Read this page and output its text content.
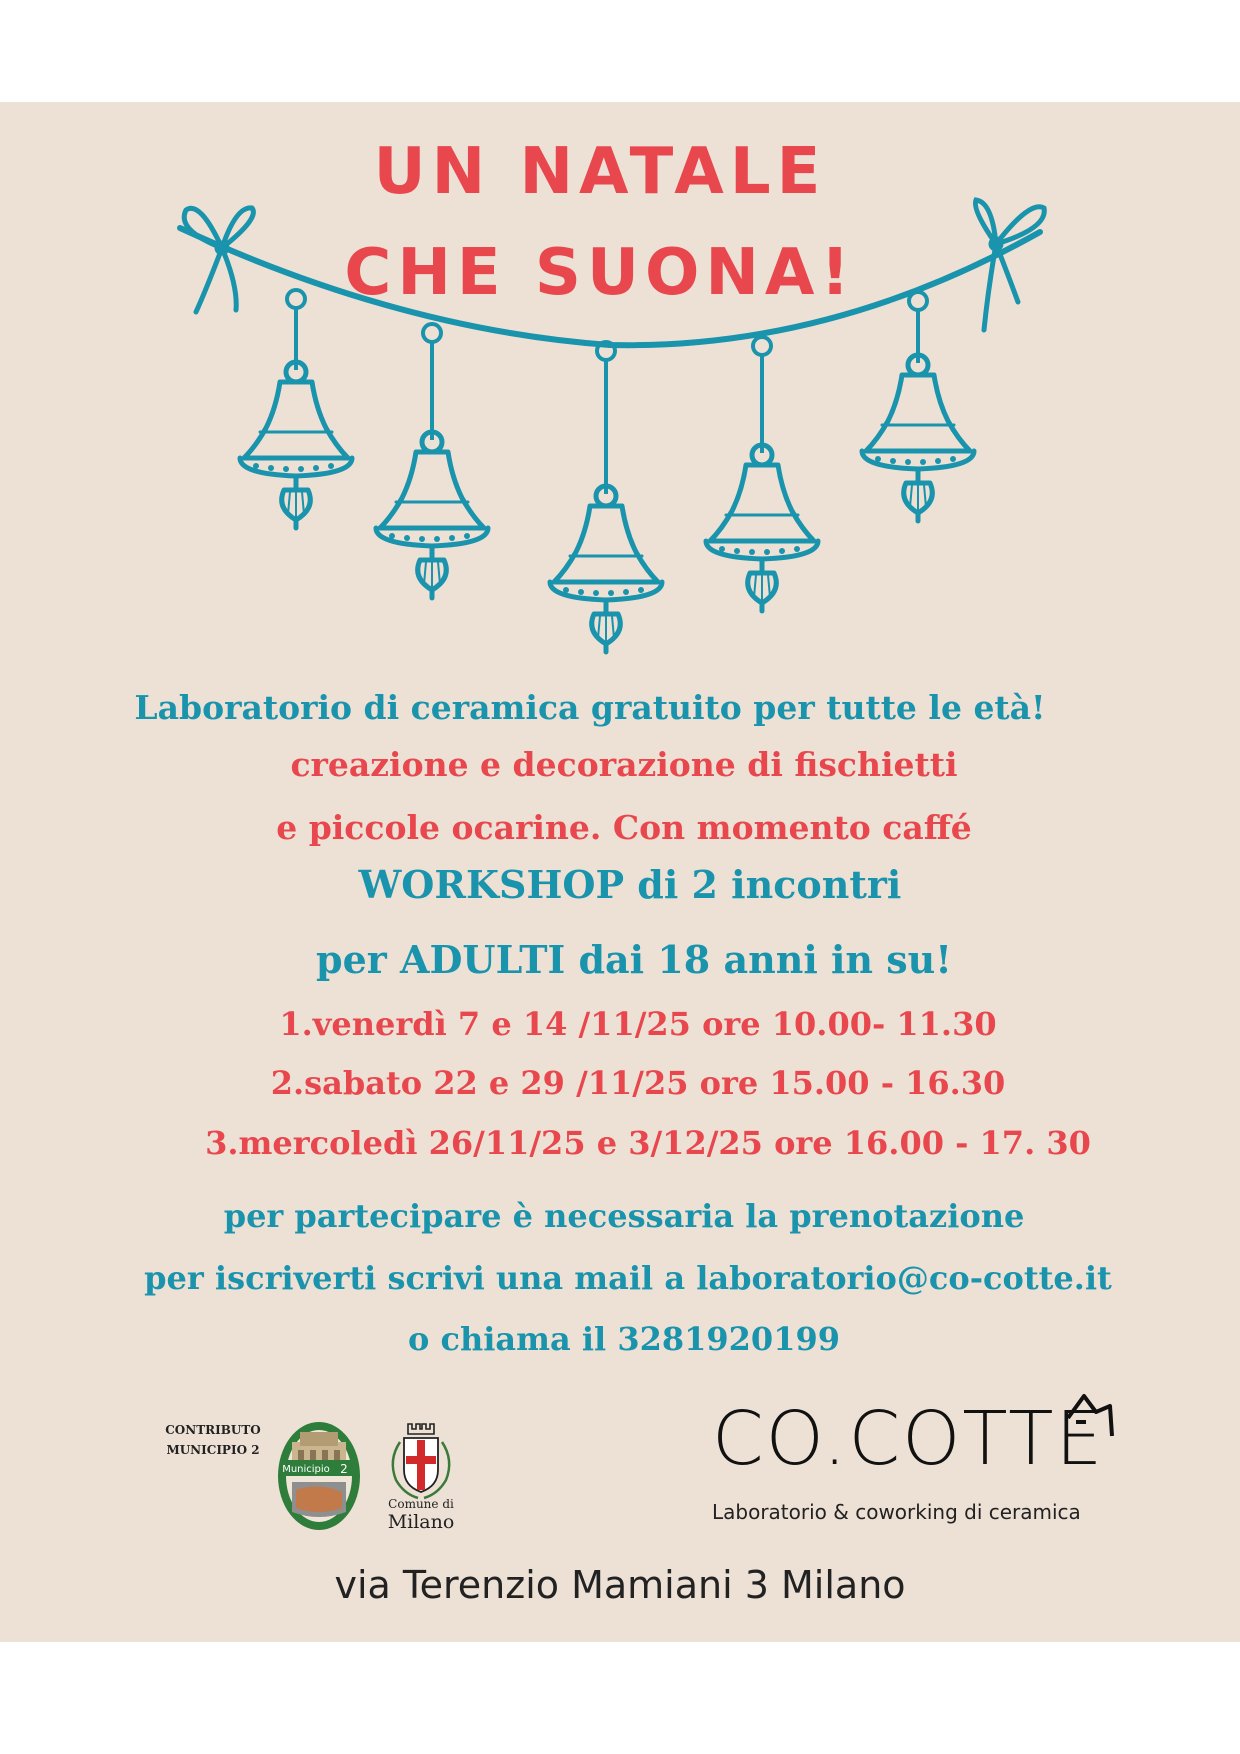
UN NATALE
CHE SUONA!

Laboratorio di ceramica gratuito per tutte le età!

creazione e decorazione di fischietti

e piccole ocarine. Con momento caffé

WORKSHOP di 2 incontri

per ADULTI dai 18 anni in su!

1.venerdì 7 e 14 /11/25 ore 10.00- 11.30

2.sabato 22 e 29 /11/25 ore 15.00 - 16.30

3.mercoledì 26/11/25 e 3/12/25 ore 16.00 - 17. 30

per partecipare è necessaria la prenotazione

per iscriverti scrivi una mail a laboratorio@co-cotte.it

o chiama il 3281920199

CONTRIBUTO
MUNICIPIO 2
Municipio 2
Comune di
Milano
CO.COTTE
Laboratorio & coworking di ceramica

via Terenzio Mamiani 3 Milano
